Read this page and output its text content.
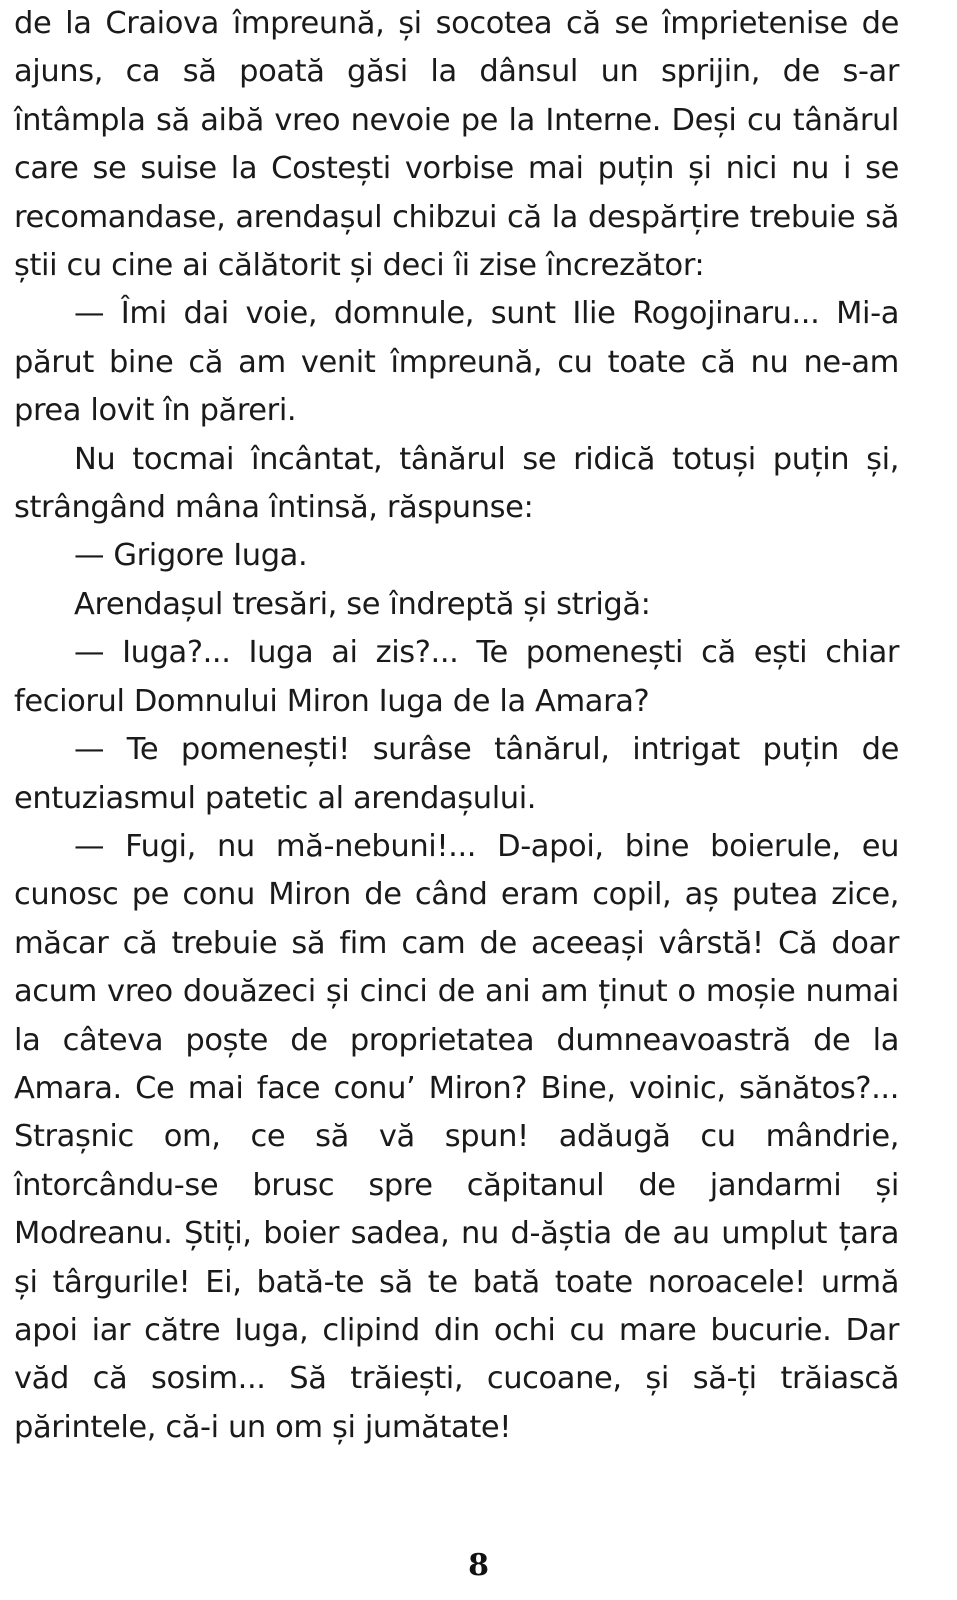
de la Craiova împreună, și socotea că se împrietenise de ajuns, ca să poată găsi la dânsul un sprijin, de s-ar întâmpla să aibă vreo nevoie pe la Interne. Deși cu tânărul care se suise la Costești vorbise mai puțin și nici nu i se recomandase, arendașul chibzui că la despărțire trebuie să știi cu cine ai călătorit și deci îi zise încrezător:

— Îmi dai voie, domnule, sunt Ilie Rogojinaru... Mi-a părut bine că am venit împreună, cu toate că nu ne-am prea lovit în păreri.

Nu tocmai încântat, tânărul se ridică totuși puțin și, strângând mâna întinsă, răspunse:

— Grigore Iuga.

Arendașul tresări, se îndreptă și strigă:

— Iuga?... Iuga ai zis?... Te pomenești că ești chiar feciorul Domnului Miron Iuga de la Amara?

— Te pomenești! surâse tânărul, intrigat puțin de entuziasmul patetic al arendașului.

— Fugi, nu mă-nebuni!... D-apoi, bine boierule, eu cunosc pe conu Miron de când eram copil, aș putea zice, măcar că trebuie să fim cam de aceeași vârstă! Că doar acum vreo douăzeci și cinci de ani am ținut o moșie numai la câteva poște de proprietatea dumneavoastră de la Amara. Ce mai face conu’ Miron? Bine, voinic, sănătos?... Strașnic om, ce să vă spun! adăugă cu mândrie, întorcându-se brusc spre căpitanul de jandarmi și Modreanu. Știți, boier sadea, nu d-ăștia de au umplut țara și târgurile! Ei, bată-te să te bată toate noroacele! urmă apoi iar către Iuga, clipind din ochi cu mare bucurie. Dar văd că sosim... Să trăiești, cucoane, și să-ți trăiască părintele, că-i un om și jumătate!

8
